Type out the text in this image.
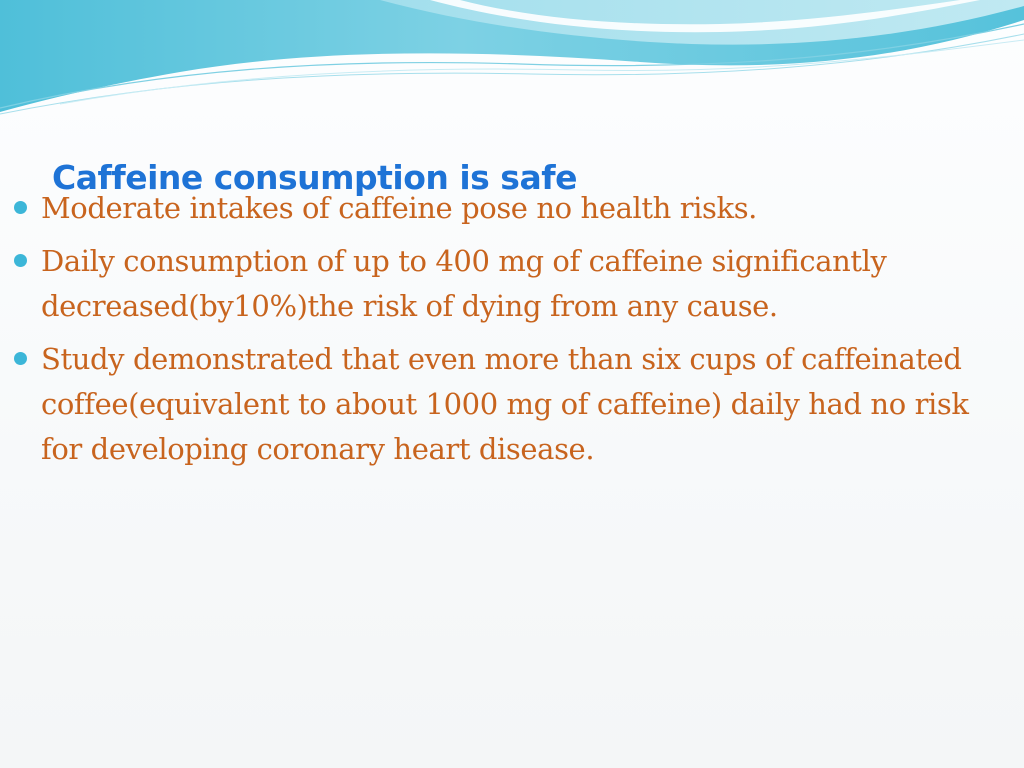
Caffeine consumption is safe
Moderate intakes of caffeine pose no health risks.
Daily consumption of up to 400 mg of caffeine significantly decreased(by10%)the risk of dying from any cause.
Study demonstrated that even more than six cups of caffeinated coffee(equivalent to about 1000 mg of caffeine) daily had no risk for developing coronary heart disease.
